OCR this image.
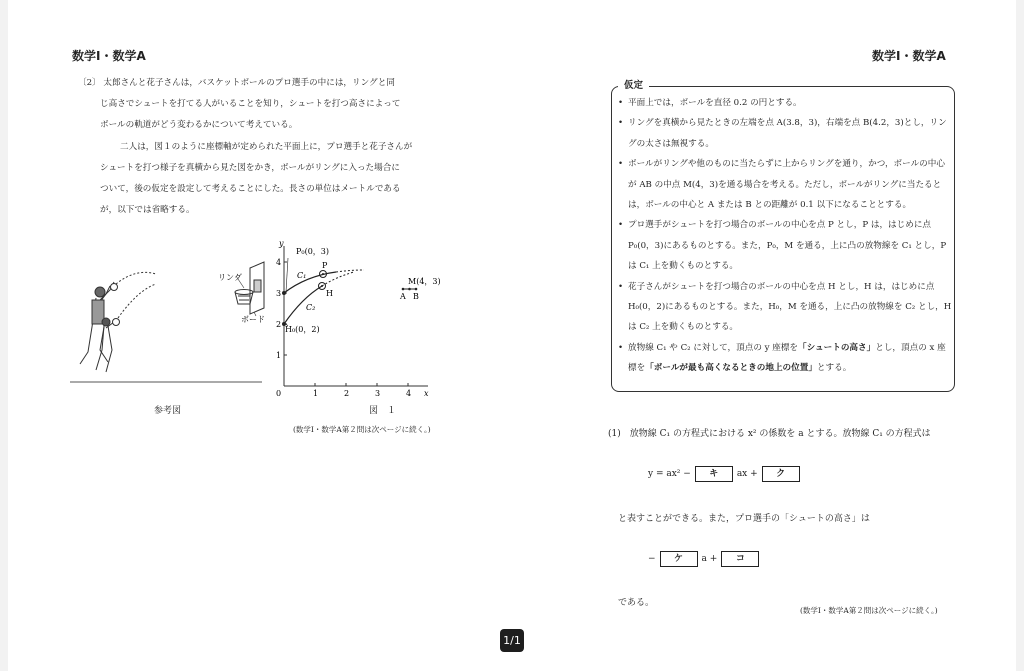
数学Ⅰ・数学A	数学Ⅰ・数学A

〔2〕 太郎さんと花子さんは，バスケットボールのプロ選手の中には，リングと同

じ高さでシュートを打てる人がいることを知り，シュートを打つ高さによって

ボールの軌道がどう変わるかについて考えている。

二人は，図１のように座標軸が定められた平面上に，プロ選手と花子さんが

シュートを打つ様子を真横から見た図をかき，ボールがリングに入った場合に

ついて，後の仮定を設定して考えることにした。長さの単位はメートルである

が，以下では省略する。

リング
ボード
y
x
0	1	2	3	4
1
2
3
4
P₀(0，3)
H₀(0，2)
C₁
C₂
P
H
M(4，3)
A B
参考図	図　１
(数学Ⅰ・数学A第２問は次ページに続く。)
仮定
• 平面上では，ボールを直径 0.2 の円とする。
• リングを真横から見たときの左端を点 A(3.8，3)，右端を点 B(4.2，3)とし，リングの太さは無視する。
• ボールがリングや他のものに当たらずに上からリングを通り，かつ，ボールの中心が AB の中点 M(4，3)を通る場合を考える。ただし，ボールがリングに当たるとは，ボールの中心と A または B との距離が 0.1 以下になることとする。
• プロ選手がシュートを打つ場合のボールの中心を点 P とし，P は，はじめに点 P₀(0，3)にあるものとする。また，P₀，M を通る，上に凸の放物線を C₁ とし，P は C₁ 上を動くものとする。
• 花子さんがシュートを打つ場合のボールの中心を点 H とし，H は，はじめに点 H₀(0，2)にあるものとする。また，H₀，M を通る，上に凸の放物線を C₂ とし，H は C₂ 上を動くものとする。
• 放物線 C₁ や C₂ に対して，頂点の y 座標を「シュートの高さ」とし，頂点の x 座標を「ボールが最も高くなるときの地上の位置」とする。
(1)　放物線 C₁ の方程式における x² の係数を a とする。放物線 C₁ の方程式は
y = ax² −	キ	ax +	ク
と表すことができる。また，プロ選手の「シュートの高さ」は
−	ケ	a +	コ
である。
(数学Ⅰ・数学A第２問は次ページに続く。)
1/1
